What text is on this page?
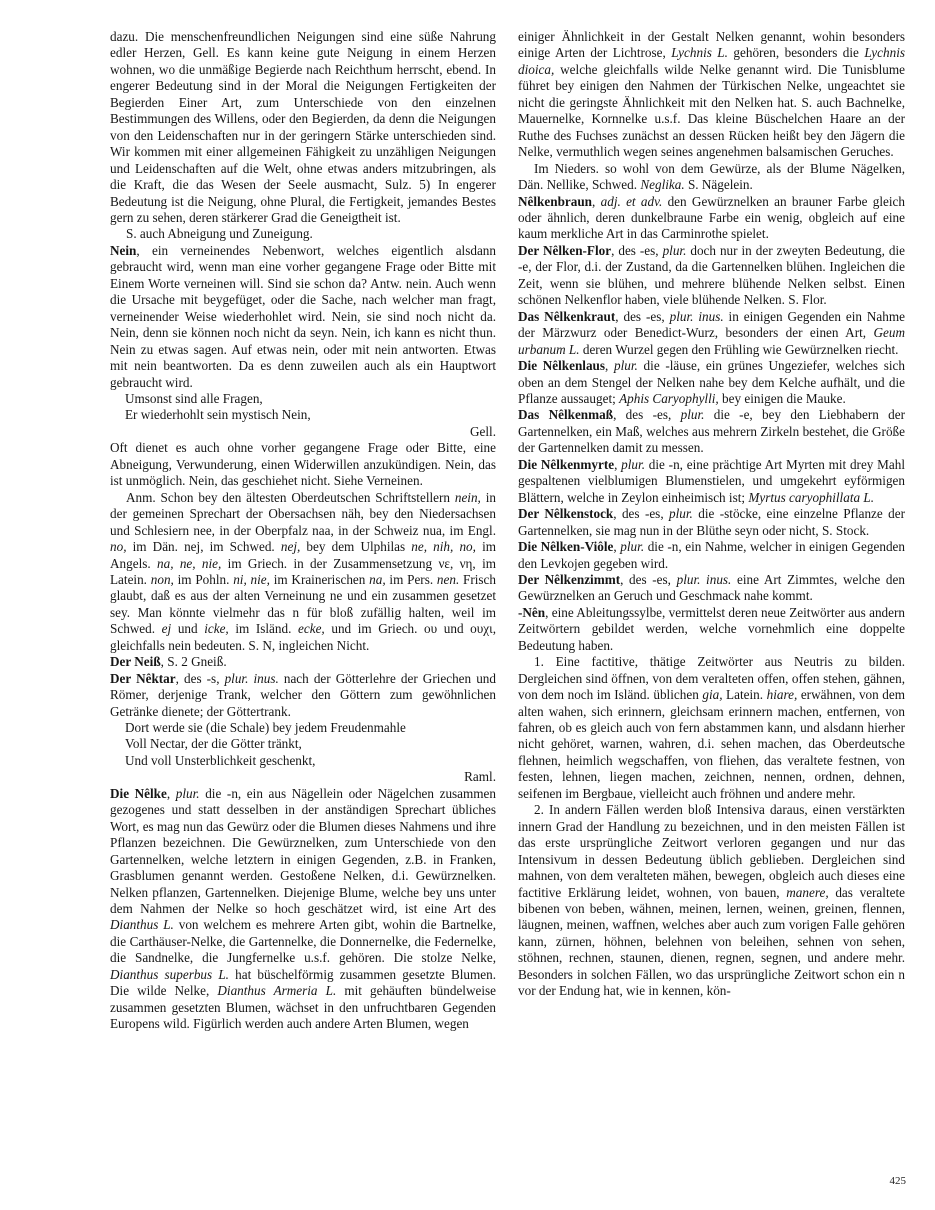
dazu. Die menschenfreundlichen Neigungen sind eine süße Nahrung edler Herzen, Gell. Es kann keine gute Neigung in einem Herzen wohnen, wo die unmäßige Begierde nach Reichthum herrscht, ebend. In engerer Bedeutung sind in der Moral die Neigungen Fertigkeiten der Begierden Einer Art, zum Unterschiede von den einzelnen Bestimmungen des Willens, oder den Begierden, da denn die Neigungen von den Leidenschaften nur in der geringern Stärke unterschieden sind. Wir kommen mit einer allgemeinen Fähigkeit zu unzähligen Neigungen und Leidenschaften auf die Welt, ohne etwas anders mitzubringen, als die Kraft, die das Wesen der Seele ausmacht, Sulz. 5) In engerer Bedeutung ist die Neigung, ohne Plural, die Fertigkeit, jemandes Bestes gern zu sehen, deren stärkerer Grad die Geneigtheit ist.

S. auch Abneigung und Zuneigung.

Nein, ein verneinendes Nebenwort, welches eigentlich alsdann gebraucht wird, wenn man eine vorher gegangene Frage oder Bitte mit Einem Worte verneinen will. Sind sie schon da? Antw. nein. Auch wenn die Ursache mit beygefüget, oder die Sache, nach welcher man fragt, verneinender Weise wiederhohlet wird. Nein, sie sind noch nicht da. Nein, denn sie können noch nicht da seyn. Nein, ich kann es nicht thun. Nein zu etwas sagen. Auf etwas nein, oder mit nein antworten. Etwas mit nein beantworten. Da es denn zuweilen auch als ein Hauptwort gebraucht wird.

Umsonst sind alle Fragen,

Er wiederhohlt sein mystisch Nein,

Gell.

Oft dienet es auch ohne vorher gegangene Frage oder Bitte, eine Abneigung, Verwunderung, einen Widerwillen anzukündigen. Nein, das ist unmöglich. Nein, das geschiehet nicht. Siehe Verneinen.

Anm. Schon bey den ältesten Oberdeutschen Schriftstellern nein, in der gemeinen Sprechart der Obersachsen näh, bey den Niedersachsen und Schlesiern nee, in der Oberpfalz naa, in der Schweiz nua, im Engl. no, im Dän. nej, im Schwed. nej, bey dem Ulphilas ne, nih, no, im Angels. na, ne, nie, im Griech. in der Zusammensetzung νε, νη, im Latein. non, im Pohln. ni, nie, im Krainerischen na, im Pers. nen. Frisch glaubt, daß es aus der alten Verneinung ne und ein zusammen gesetzet sey. Man könnte vielmehr das n für bloß zufällig halten, weil im Schwed. ej und icke, im Isländ. ecke, und im Griech. ου und ουχι, gleichfalls nein bedeuten. S. N, ingleichen Nicht.

Der Neiß, S. 2 Gneiß.

Der Nêktar, des -s, plur. inus. nach der Götterlehre der Griechen und Römer, derjenige Trank, welcher den Göttern zum gewöhnlichen Getränke dienete; der Göttertrank.

Dort werde sie (die Schale) bey jedem Freudenmahle

Voll Nectar, der die Götter tränkt,

Und voll Unsterblichkeit geschenkt,

Raml.

Die Nêlke, plur. die -n, ein aus Nägellein oder Nägelchen zusammen gezogenes und statt desselben in der anständigen Sprechart übliches Wort, es mag nun das Gewürz oder die Blumen dieses Nahmens und ihre Pflanzen bezeichnen. Die Gewürznelken, zum Unterschiede von den Gartennelken, welche letztern in einigen Gegenden, z.B. in Franken, Grasblumen genannt werden. Gestoßene Nelken, d.i. Gewürznelken. Nelken pflanzen, Gartennelken. Diejenige Blume, welche bey uns unter dem Nahmen der Nelke so hoch geschätzet wird, ist eine Art des Dianthus L. von welchem es mehrere Arten gibt, wohin die Bartnelke, die Carthäuser-Nelke, die Gartennelke, die Donnernelke, die Federnelke, die Sandnelke, die Jungfernelke u.s.f. gehören. Die stolze Nelke, Dianthus superbus L. hat büschelförmig zusammen gesetzte Blumen. Die wilde Nelke, Dianthus Armeria L. mit gehäuften bündelweise zusammen gesetzten Blumen, wächset in den unfruchtbaren Gegenden Europens wild. Figürlich werden auch andere Arten Blumen, wegen

einiger Ähnlichkeit in der Gestalt Nelken genannt, wohin besonders einige Arten der Lichtrose, Lychnis L. gehören, besonders die Lychnis dioica, welche gleichfalls wilde Nelke genannt wird. Die Tunisblume führet bey einigen den Nahmen der Türkischen Nelke, ungeachtet sie nicht die geringste Ähnlichkeit mit den Nelken hat. S. auch Bachnelke, Mauernelke, Kornnelke u.s.f. Das kleine Büschelchen Haare an der Ruthe des Fuchses zunächst an dessen Rücken heißt bey den Jägern die Nelke, vermuthlich wegen seines angenehmen balsamischen Geruches.

Im Nieders. so wohl von dem Gewürze, als der Blume Nägelken, Dän. Nellike, Schwed. Neglika. S. Nägelein.

Nêlkenbraun, adj. et adv. den Gewürznelken an brauner Farbe gleich oder ähnlich, deren dunkelbraune Farbe ein wenig, obgleich auf eine kaum merkliche Art in das Carminrothe spielet.

Der Nêlken-Flor, des -es, plur. doch nur in der zweyten Bedeutung, die -e, der Flor, d.i. der Zustand, da die Gartennelken blühen. Ingleichen die Zeit, wenn sie blühen, und mehrere blühende Nelken selbst. Einen schönen Nelkenflor haben, viele blühende Nelken. S. Flor.

Das Nêlkenkraut, des -es, plur. inus. in einigen Gegenden ein Nahme der Märzwurz oder Benedict-Wurz, besonders der einen Art, Geum urbanum L. deren Wurzel gegen den Frühling wie Gewürznelken riecht.

Die Nêlkenlaus, plur. die -läuse, ein grünes Ungeziefer, welches sich oben an dem Stengel der Nelken nahe bey dem Kelche aufhält, und die Pflanze aussauget; Aphis Caryophylli, bey einigen die Mauke.

Das Nêlkenmaß, des -es, plur. die -e, bey den Liebhabern der Gartennelken, ein Maß, welches aus mehrern Zirkeln bestehet, die Größe der Gartennelken damit zu messen.

Die Nêlkenmyrte, plur. die -n, eine prächtige Art Myrten mit drey Mahl gespaltenen vielblumigen Blumenstielen, und umgekehrt eyförmigen Blättern, welche in Zeylon einheimisch ist; Myrtus caryophillata L.

Der Nêlkenstock, des -es, plur. die -stöcke, eine einzelne Pflanze der Gartennelken, sie mag nun in der Blüthe seyn oder nicht, S. Stock.

Die Nêlken-Viôle, plur. die -n, ein Nahme, welcher in einigen Gegenden den Levkojen gegeben wird.

Der Nêlkenzimmt, des -es, plur. inus. eine Art Zimmtes, welche den Gewürznelken an Geruch und Geschmack nahe kommt.

-Nên, eine Ableitungssylbe, vermittelst deren neue Zeitwörter aus andern Zeitwörtern gebildet werden, welche vornehmlich eine doppelte Bedeutung haben.

1. Eine factitive, thätige Zeitwörter aus Neutris zu bilden. Dergleichen sind öffnen, von dem veralteten offen, offen stehen, gähnen, von dem noch im Isländ. üblichen gia, Latein. hiare, erwähnen, von dem alten wahen, sich erinnern, gleichsam erinnern machen, entfernen, von fahren, ob es gleich auch von fern abstammen kann, und alsdann hierher nicht gehöret, warnen, wahren, d.i. sehen machen, das Oberdeutsche flehnen, heimlich wegschaffen, von fliehen, das veraltete festnen, von festen, lehnen, liegen machen, zeichnen, nennen, ordnen, dehnen, seifenen im Bergbaue, vielleicht auch fröhnen und andere mehr.

2. In andern Fällen werden bloß Intensiva daraus, einen verstärkten innern Grad der Handlung zu bezeichnen, und in den meisten Fällen ist das erste ursprüngliche Zeitwort verloren gegangen und nur das Intensivum in dessen Bedeutung üblich geblieben. Dergleichen sind mahnen, von dem veralteten mähen, bewegen, obgleich auch dieses eine factitive Erklärung leidet, wohnen, von bauen, manere, das veraltete bibenen von beben, wähnen, meinen, lernen, weinen, greinen, flennen, läugnen, meinen, waffnen, welches aber auch zum vorigen Falle gehören kann, zürnen, höhnen, belehnen von beleihen, sehnen von sehen, stöhnen, rechnen, staunen, dienen, regnen, segnen, und andere mehr. Besonders in solchen Fällen, wo das ursprüngliche Zeitwort schon ein n vor der Endung hat, wie in kennen, kön-

425
